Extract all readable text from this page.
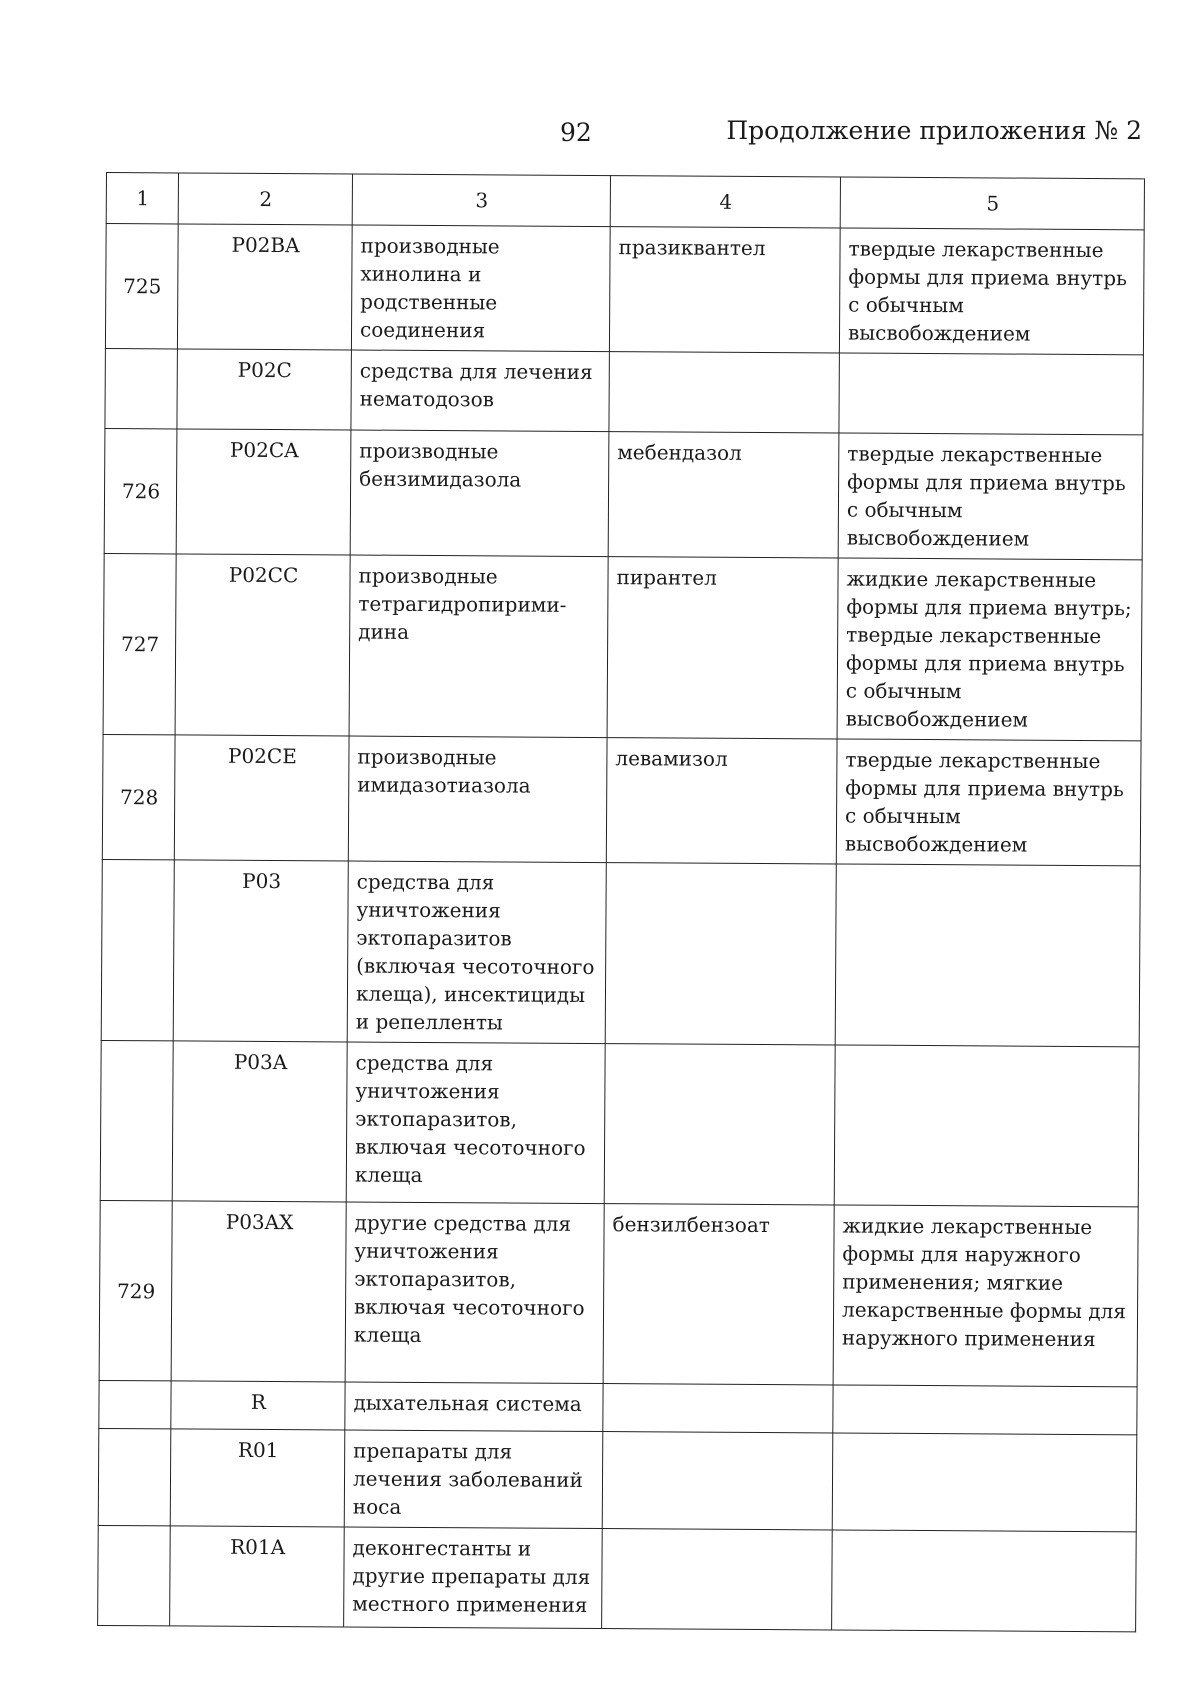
92	Продолжение приложения № 2
1	2	3	4	5
725	P02BA	производные хинолина и родственные соединения	празиквантел	твердые лекарственные формы для приема внутрь с обычным высвобождением
	P02C	средства для лечения нематодозов		
726	P02CA	производные бензимидазола	мебендазол	твердые лекарственные формы для приема внутрь с обычным высвобождением
727	P02CC	производные тетрагидропирими-дина	пирантел	жидкие лекарственные формы для приема внутрь; твердые лекарственные формы для приема внутрь с обычным высвобождением
728	P02CE	производные имидазотиазола	левамизол	твердые лекарственные формы для приема внутрь с обычным высвобождением
	P03	средства для уничтожения эктопаразитов (включая чесоточного клеща), инсектициды и репелленты		
	P03A	средства для уничтожения эктопаразитов, включая чесоточного клеща		
729	P03AX	другие средства для уничтожения эктопаразитов, включая чесоточного клеща	бензилбензоат	жидкие лекарственные формы для наружного применения; мягкие лекарственные формы для наружного применения
	R	дыхательная система		
	R01	препараты для лечения заболеваний носа		
	R01A	деконгестанты и другие препараты для местного применения		
